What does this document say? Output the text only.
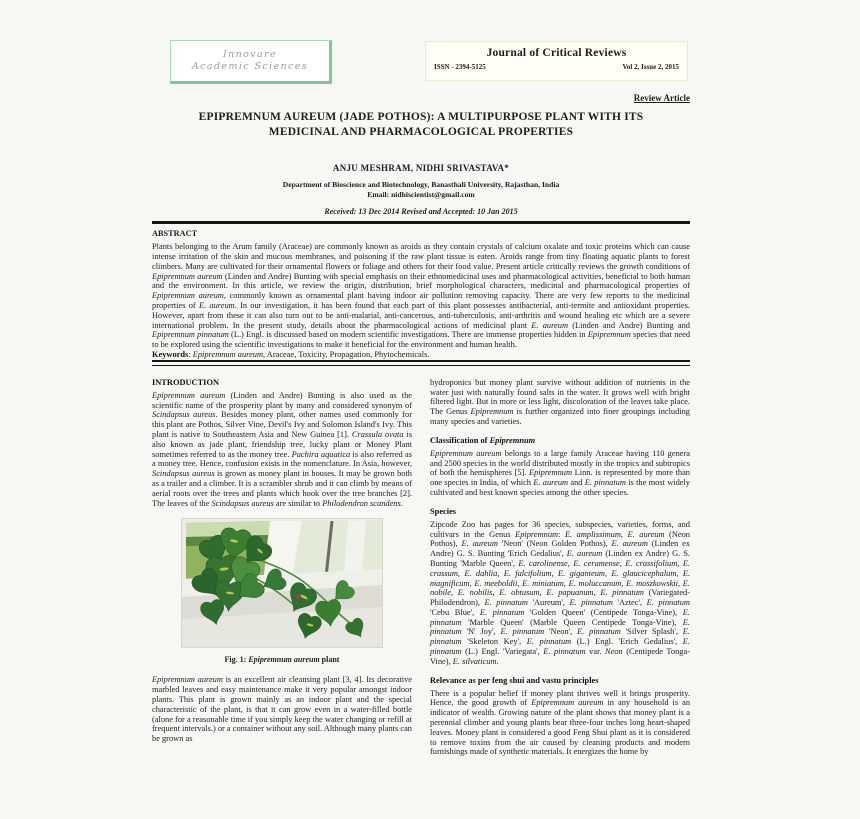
Innovare
Academic Sciences
Journal of Critical Reviews
ISSN - 2394-5125	Vol 2, Issue 2, 2015
Review Article
EPIPREMNUM AUREUM (JADE POTHOS): A MULTIPURPOSE PLANT WITH ITS MEDICINAL AND PHARMACOLOGICAL PROPERTIES
ANJU MESHRAM, NIDHI SRIVASTAVA*
Department of Bioscience and Biotechnology, Banasthali University, Rajasthan, India
Email: nidhiscientist@gmail.com
Received: 13 Dec 2014 Revised and Accepted: 10 Jan 2015
ABSTRACT

Plants belonging to the Arum family (Araceae) are commonly known as aroids as they contain crystals of calcium oxalate and toxic proteins which can cause intense irritation of the skin and mucous membranes, and poisoning if the raw plant tissue is eaten. Aroids range from tiny floating aquatic plants to forest climbers. Many are cultivated for their ornamental flowers or foliage and others for their food value. Present article critically reviews the growth conditions of Epipremnum aureum (Linden and Andre) Bunting with special emphasis on their ethnomedicinal uses and pharmacological activities, beneficial to both human and the environment. In this article, we review the origin, distribution, brief morphological characters, medicinal and pharmacological properties of Epipremnum aureum, commonly known as ornamental plant having indoor air pollution removing capacity. There are very few reports to the medicinal properties of E. aureum. In our investigation, it has been found that each part of this plant possesses antibacterial, anti-termite and antioxidant properties. However, apart from these it can also turn out to be anti-malarial, anti-cancerous, anti-tuberculosis, anti-arthritis and wound healing etc which are a severe international problem. In the present study, details about the pharmacological actions of medicinal plant E. aureum (Linden and Andre) Bunting and Epipremnum pinnatum (L.) Engl. is discussed based on modern scientific investigations. There are immense properties hidden in Epipremnum species that need to be explored using the scientific investigations to make it beneficial for the environment and human health.

Keywords: Epipremnum aureum, Araceae, Toxicity, Propagation, Phytochemicals.

INTRODUCTION

Epipremnum aureum (Linden and Andre) Bunting is also used as the scientific name of the prosperity plant by many and considered synonym of Scindapsus aureus. Besides money plant, other names used commonly for this plant are Pothos, Silver Vine, Devil's Ivy and Solomon Island's Ivy. This plant is native to Southeastern Asia and New Guinea [1]. Crassula ovata is also known as jade plant, friendship tree, lucky plant or Money Plant sometimes referred to as the money tree. Pachira aquatica is also referred as a money tree. Hence, confusion exists in the nomenclature. In Asia, however, Scindapsus aureus is grown as money plant in houses. It may be grown both as a trailer and a climber. It is a scrambler shrub and it can climb by means of aerial roots over the trees and plants which hook over the tree branches [2]. The leaves of the Scindapsus aureus are similar to Philodendron scandens.

Fig. 1: Epipremnum aureum plant

Epipremnum aureum is an excellent air cleansing plant [3, 4]. Its decorative marbled leaves and easy maintenance make it very popular amongst indoor plants. This plant is grown mainly as an indoor plant and the special characteristic of the plant, is that it can grow even in a water-filled bottle (alone for a reasonable time if you simply keep the water changing or refill at frequent intervals.) or a container without any soil. Although many plants can be grown as

hydroponics but money plant survive without addition of nutrients in the water just with naturally found salts in the water. It grows well with bright filtered light. But in more or less light, discoloration of the leaves take place. The Genus Epipremnum is further organized into finer groupings including many species and varieties.

Classification of Epipremnum

Epipremnum aureum belongs to a large family Araceae having 110 genera and 2500 species in the world distributed mostly in the tropics and subtropics of both the hemispheres [5]. Epipremnum Linn. is represented by more than one species in India, of which E. aureum and E. pinnatum is the most widely cultivated and best known species among the other species.

Species

Zipcode Zoo has pages for 36 species, subspecies, varieties, forms, and cultivars in the Genus Epipremnum: E. amplissimum, E. aureum (Neon Pothos), E. aureum 'Neon' (Neon Golden Pothos), E. aureum (Linden ex Andre) G. S. Bunting 'Erich Gedalius', E. aureum (Linden ex Andre) G. S. Bunting 'Marble Queen', E. carolinense, E. ceramense, E. crassifolium, E. crassum, E. dahlia, E. falcifolium, E. giganteum, E. glaucicephalum, E. magnificum, E. meeboldii, E. miniatum, E. moluccanum, E. moszkowskii, E. nobile, E. nobilis, E. obtusum, E. papuanum, E. pinnatum (Variegated-Philodendron), E. pinnatum 'Aureum', E. pinnatum 'Aztec', E. pinnatum 'Cebu Blue', E. pinnatum 'Golden Queen' (Centipede Tonga-Vine), E. pinnatum 'Marble Queen' (Marble Queen Centipede Tonga-Vine), E. pinnatum 'N' Joy', E. pinnatum 'Neon', E. pinnatum 'Silver Splash', E. pinnatum 'Skeleton Key', E. pinnatum (L.) Engl. 'Erich Gedalius', E. pinnatum (L.) Engl. 'Variegata', E. pinnatum var. Neon (Centipede Tonga-Vine), E. silvaticum.

Relevance as per feng shui and vastu principles

There is a popular belief if money plant thrives well it brings prosperity. Hence, the good growth of Epipremnum aureum in any household is an indicator of wealth. Growing nature of the plant shows that money plant is a perennial climber and young plants bear three-four inches long heart-shaped leaves. Money plant is considered a good Feng Shui plant as it is considered to remove toxins from the air caused by cleaning products and modern furnishings made of synthetic materials. It energizes the home by
